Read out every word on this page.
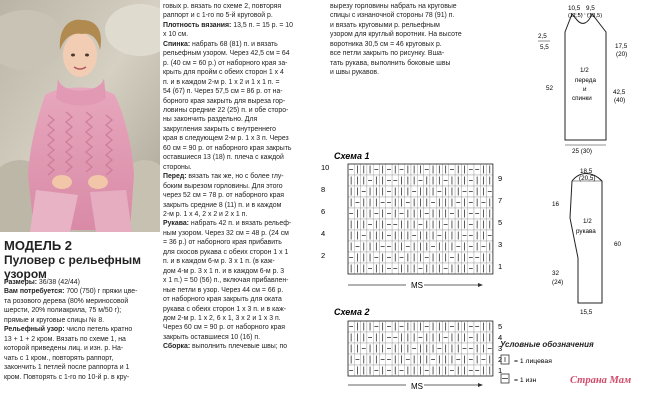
МОДЕЛЬ 2
Пуловер с рельефным узором

Размеры: 36/38 (42/44)

Вам потребуется: 700 (750) г пряжи цве-

та розового дерева (80% мериносовой

шерсти, 20% полиакрила, 75 м/50 г);

прямые и круговые спицы № 8.

Рельефный узор: число петель кратно

13 + 1 + 2 кром. Вязать по схеме 1, на

которой приведены лиц. и изн. р. На-

чать с 1 кром., повторять раппорт,

закончить 1 петлей после раппорта и 1

кром. Повторять с 1-го по 10-й р. в кру-

говых р. вязать по схеме 2, повторяя

раппорт и с 1-го по 5-й круговой р.

Плотность вязания: 13,5 п. = 15 р. = 10

х 10 см.

Спинка: набрать 68 (81) п. и вязать

рельефным узором. Через 42,5 см = 64

р. (40 см = 60 р.) от наборного края за-

крыть для пройм с обеих сторон 1 х 4

п. и в каждом 2-м р. 1 х 2 и 1 х 1 п. =

54 (67) п. Через 57,5 см = 86 р. от на-

борного края закрыть для выреза гор-

ловины средние 22 (25) п. и обе сторо-

ны закончить раздельно. Для

закругления закрыть с внутреннего

края в следующем 2-м р. 1 х 3 п. Через

60 см = 90 р. от наборного края закрыть

оставшиеся 13 (18) п. плеча с каждой

стороны.

Перед: вязать так же, но с более глу-

боким вырезом горловины. Для этого

через 52 см = 78 р. от наборного края

закрыть средние 8 (11) п. и в каждом

2-м р. 1 х 4, 2 х 2 и 2 х 1 п.

Рукава: набрать 42 п. и вязать рельеф-

ным узором. Через 32 см = 48 р. (24 см

= 36 р.) от наборного края прибавить

для скосов рукава с обеих сторон 1 х 1

п. и в каждом 6-м р. 3 х 1 п. (в каж-

дом 4-м р. 3 х 1 п. и в каждом 6-м р. 3

х 1 п.) = 50 (56) п., включая прибавлен-

ные петли в узор. Через 44 см = 66 р.

от наборного края закрыть для оката

рукава с обеих сторон 1 х 3 п. и в каж-

дом 2-м р. 1 х 2, 6 х 1, 3 х 2 и 1 х 3 п.

Через 60 см = 90 р. от наборного края

закрыть оставшиеся 10 (16) п.

Сборка: выполнить плечевые швы; по

вырезу горловины набрать на круговые

спицы с изнаночной стороны 78 (91) п.

и вязать круговыми р. рельефным

узором для круглый воротник. На высоте

воротника 30,5 см = 46 круговых р.

все петли закрыть по рисунку. Вша-

тать рукава, выполнить боковые швы

и швы рукавов.

Схема 1
10
8
6
4
2
9
7
5
3
1
MS
Схема 2
5
4
3
2
1
MS
10,5 9,5
(11,5) (13,5)
2,5
5,5	17,5
(20)
52
42,5
(40)
1/2
переда
и
спинки
25 (30)
18,5
(20,5)
16
1/2
рукава
60
32
(24)
15,5
Условные обозначения
= 1 лицевая
= 1 изн	Страна Мам
